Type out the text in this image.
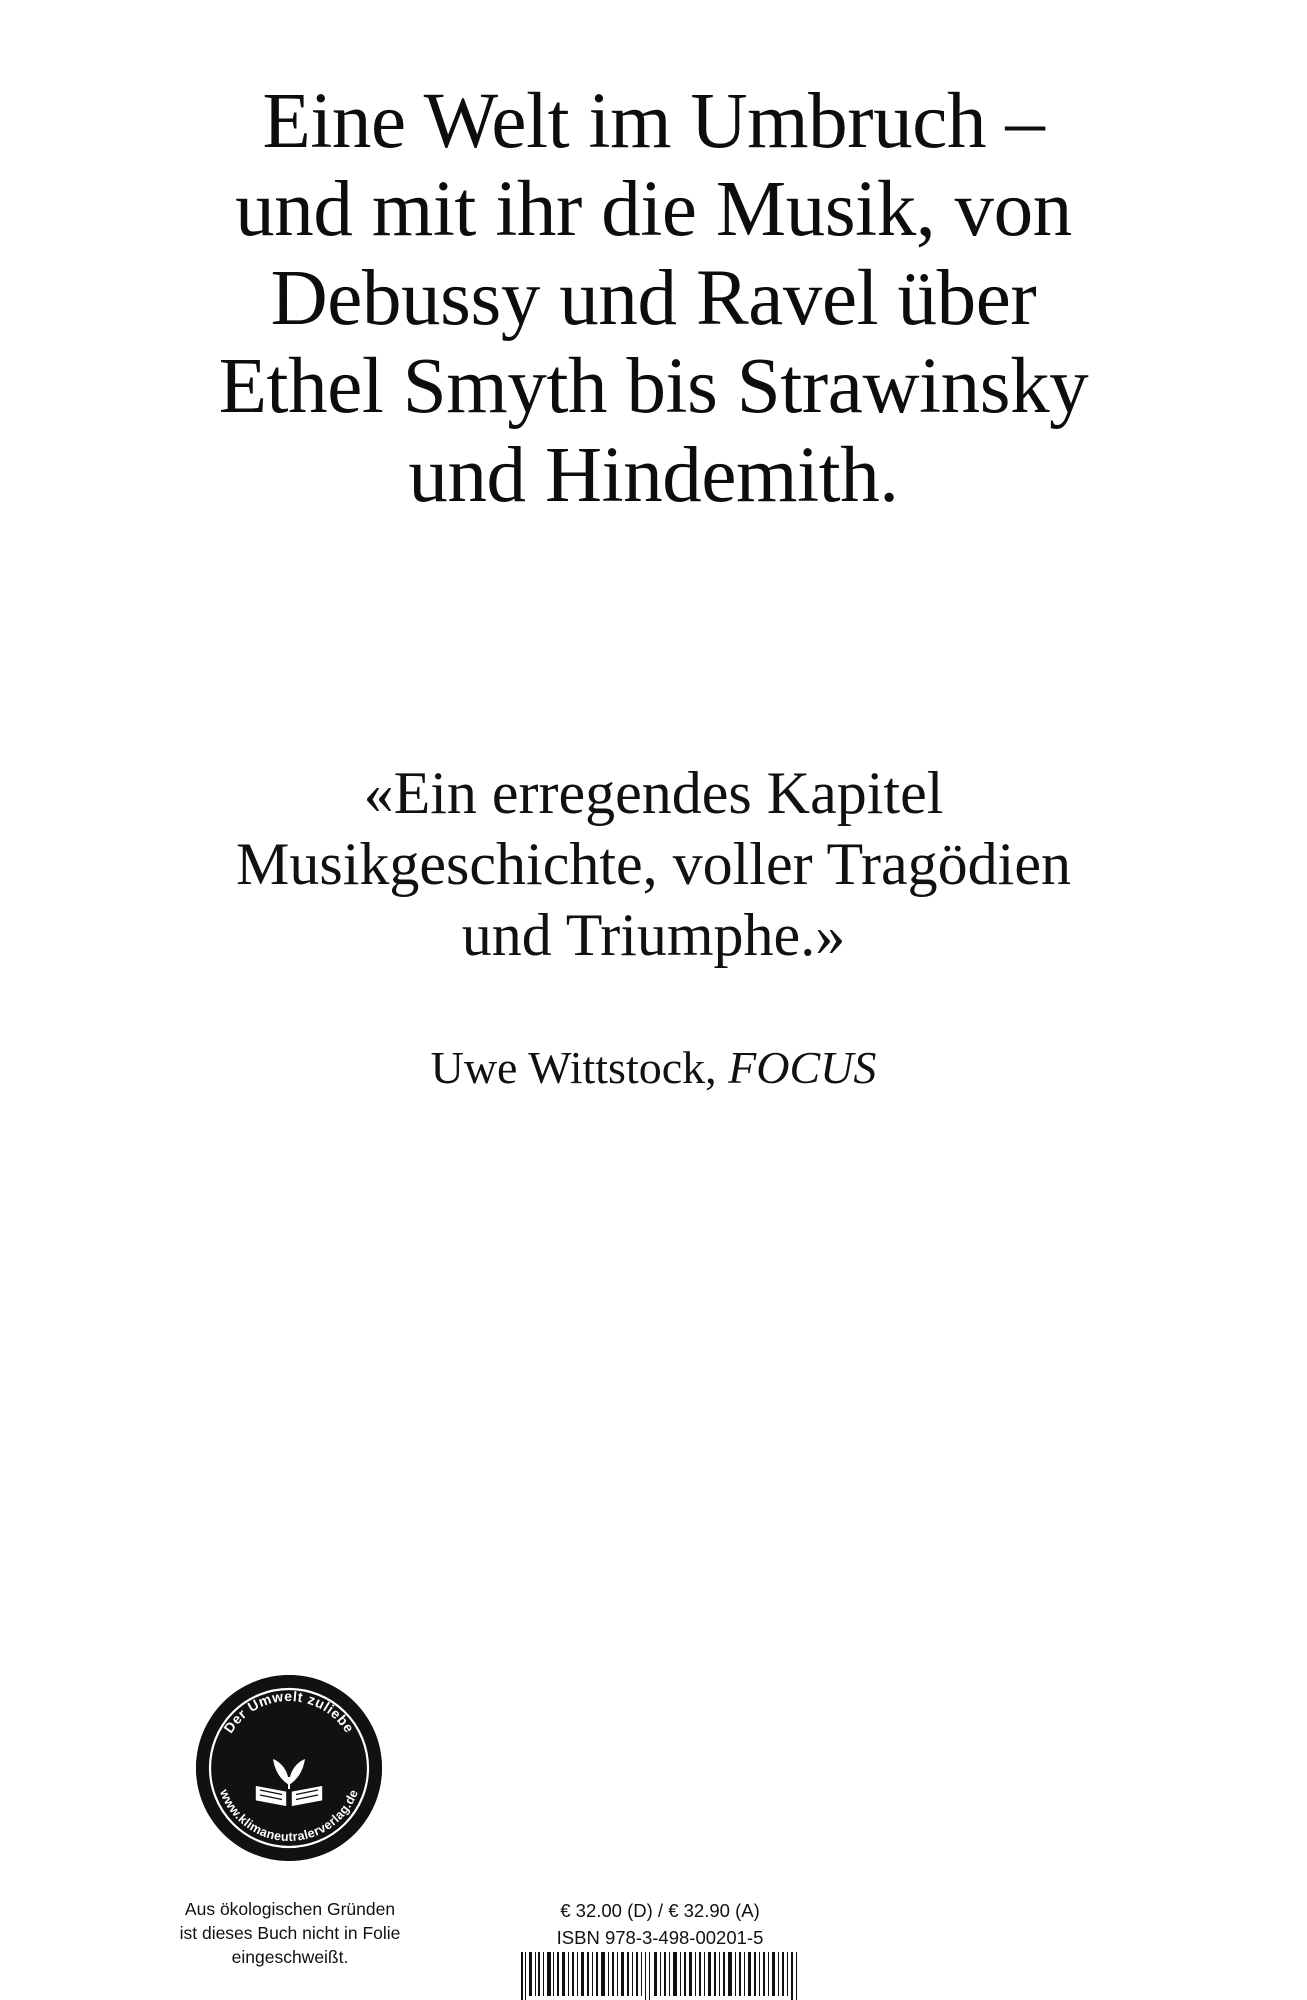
Eine Welt im Umbruch –
und mit ihr die Musik, von
Debussy und Ravel über
Ethel Smyth bis Strawinsky
und Hindemith.
«Ein erregendes Kapitel
Musikgeschichte, voller Tragödien
und Triumphe.»
Uwe Wittstock, FOCUS
Der Umwelt zuliebe
www.klimaneutralerverlag.de
Aus ökologischen Gründen
ist dieses Buch nicht in Folie
eingeschweißt.
€ 32.00 (D) / € 32.90 (A)
ISBN 978-3-498-00201-5
